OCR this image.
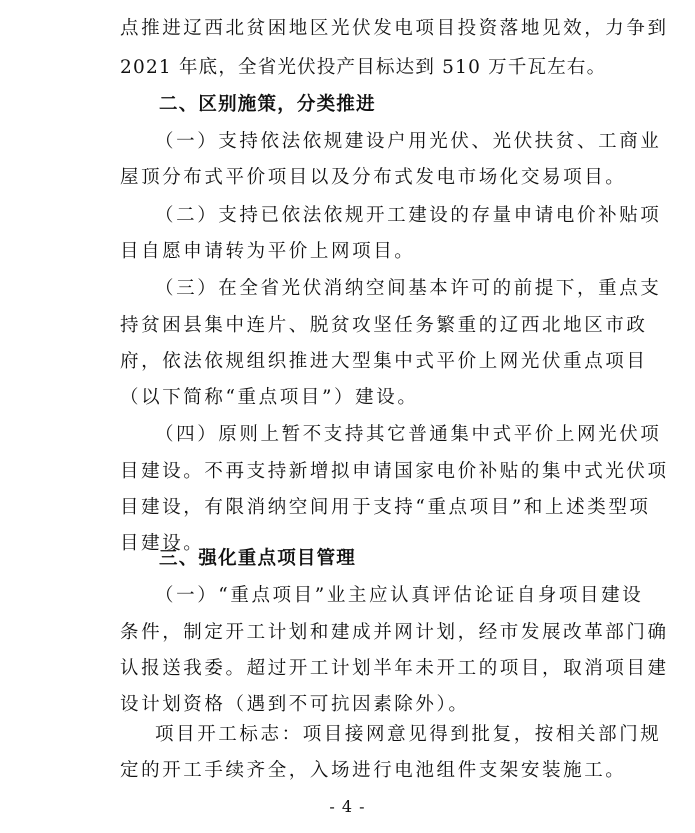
点推进辽西北贫困地区光伏发电项目投资落地见效，力争到
2021 年底，全省光伏投产目标达到 510 万千瓦左右。
二、区别施策，分类推进
（一）支持依法依规建设户用光伏、光伏扶贫、工商业
屋顶分布式平价项目以及分布式发电市场化交易项目。
（二）支持已依法依规开工建设的存量申请电价补贴项
目自愿申请转为平价上网项目。
（三）在全省光伏消纳空间基本许可的前提下，重点支
持贫困县集中连片、脱贫攻坚任务繁重的辽西北地区市政
府，依法依规组织推进大型集中式平价上网光伏重点项目
（以下简称“重点项目”）建设。
（四）原则上暂不支持其它普通集中式平价上网光伏项
目建设。不再支持新增拟申请国家电价补贴的集中式光伏项
目建设，有限消纳空间用于支持“重点项目”和上述类型项
目建设。
三、强化重点项目管理
（一）“重点项目”业主应认真评估论证自身项目建设
条件，制定开工计划和建成并网计划，经市发展改革部门确
认报送我委。超过开工计划半年未开工的项目，取消项目建
设计划资格（遇到不可抗因素除外）。
项目开工标志：项目接网意见得到批复，按相关部门规
定的开工手续齐全，入场进行电池组件支架安装施工。
- 4 -
